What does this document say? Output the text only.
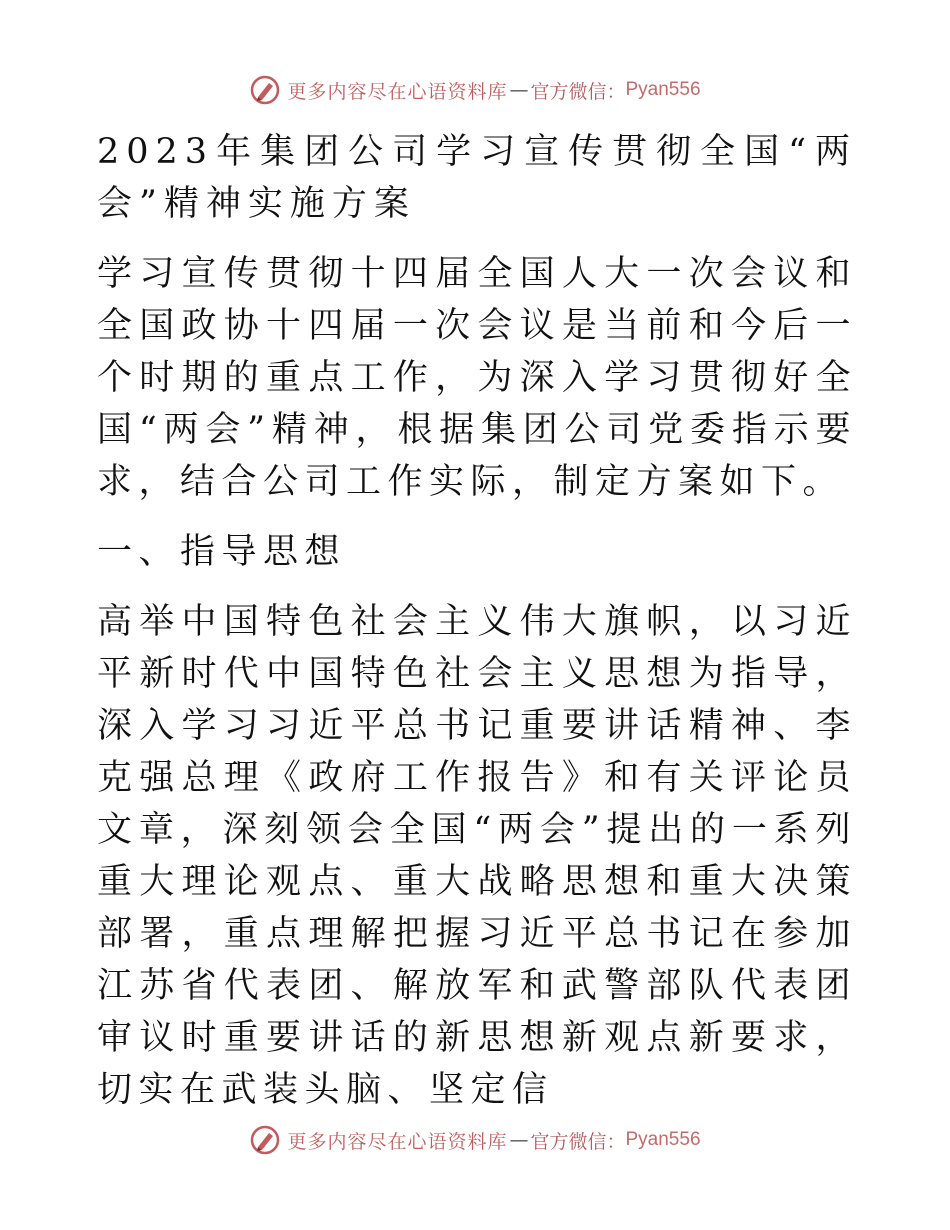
更多内容尽在心语资料库 — 官方微信： Pyan556

2023年集团公司学习宣传贯彻全国“两会”精神实施方案

学习宣传贯彻十四届全国人大一次会议和全国政协十四届一次会议是当前和今后一个时期的重点工作，为深入学习贯彻好全国“两会”精神，根据集团公司党委指示要求，结合公司工作实际，制定方案如下。

一、指导思想

高举中国特色社会主义伟大旗帜，以习近平新时代中国特色社会主义思想为指导，深入学习习近平总书记重要讲话精神、李克强总理《政府工作报告》和有关评论员文章，深刻领会全国“两会”提出的一系列重大理论观点、重大战略思想和重大决策部署，重点理解把握习近平总书记在参加江苏省代表团、解放军和武警部队代表团审议时重要讲话的新思想新观点新要求，切实在武装头脑、坚定信

更多内容尽在心语资料库 — 官方微信： Pyan556
